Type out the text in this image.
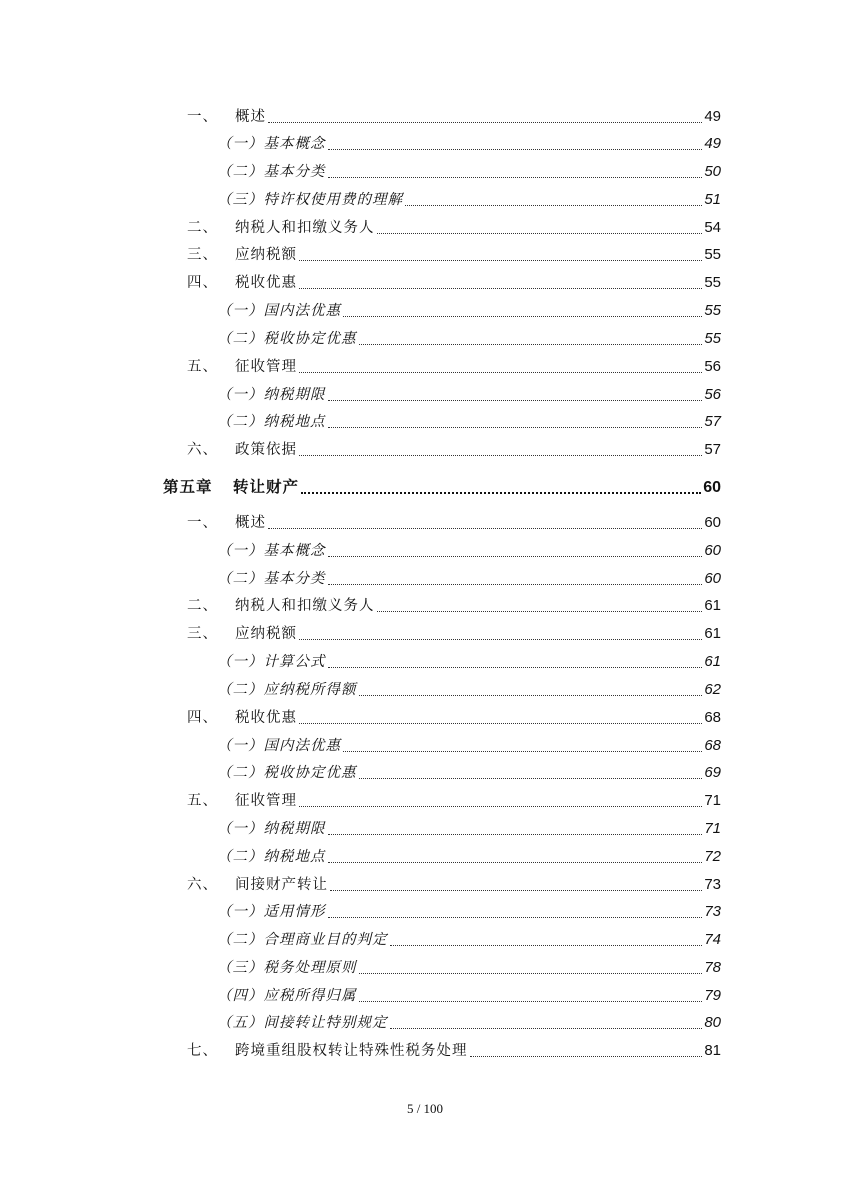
一、	概述	49
（一）基本概念	49
（二）基本分类	50
（三）特许权使用费的理解	51
二、	纳税人和扣缴义务人	54
三、	应纳税额	55
四、	税收优惠	55
（一）国内法优惠	55
（二）税收协定优惠	55
五、	征收管理	56
（一）纳税期限	56
（二）纳税地点	57
六、	政策依据	57
第五章	转让财产	60
一、	概述	60
（一）基本概念	60
（二）基本分类	60
二、	纳税人和扣缴义务人	61
三、	应纳税额	61
（一）计算公式	61
（二）应纳税所得额	62
四、	税收优惠	68
（一）国内法优惠	68
（二）税收协定优惠	69
五、	征收管理	71
（一）纳税期限	71
（二）纳税地点	72
六、	间接财产转让	73
（一）适用情形	73
（二）合理商业目的判定	74
（三）税务处理原则	78
（四）应税所得归属	79
（五）间接转让特别规定	80
七、	跨境重组股权转让特殊性税务处理	81
5 / 100
